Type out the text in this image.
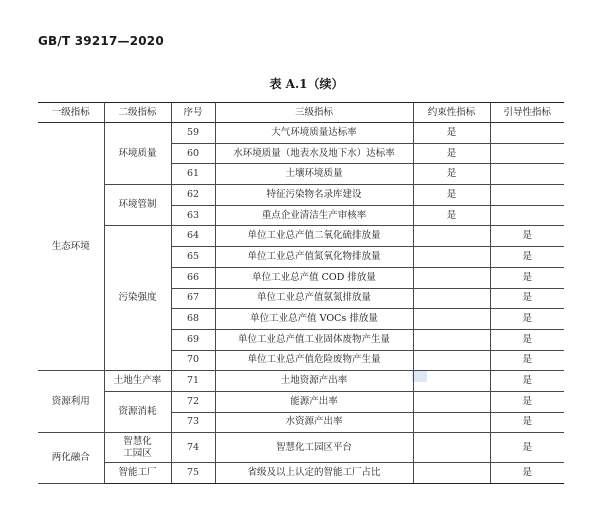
GB/T 39217—2020
表 A.1（续）
一级指标	二级指标	序号	三级指标	约束性指标	引导性指标
生态环境	环境质量	59	大气环境质量达标率	是	
		60	水环境质量（地表水及地下水）达标率	是	
		61	土壤环境质量	是	
	环境管制	62	特征污染物名录库建设	是	
		63	重点企业清洁生产审核率	是	
	污染强度	64	单位工业总产值二氧化硫排放量		是
		65	单位工业总产值氮氧化物排放量		是
		66	单位工业总产值 COD 排放量		是
		67	单位工业总产值氨氮排放量		是
		68	单位工业总产值 VOCs 排放量		是
		69	单位工业总产值工业固体废物产生量		是
		70	单位工业总产值危险废物产生量		是
资源利用	土地生产率	71	土地资源产出率		是
	资源消耗	72	能源产出率		是
		73	水资源产出率		是
两化融合	智慧化工园区	74	智慧化工园区平台		是
	智能工厂	75	省级及以上认定的智能工厂占比		是
